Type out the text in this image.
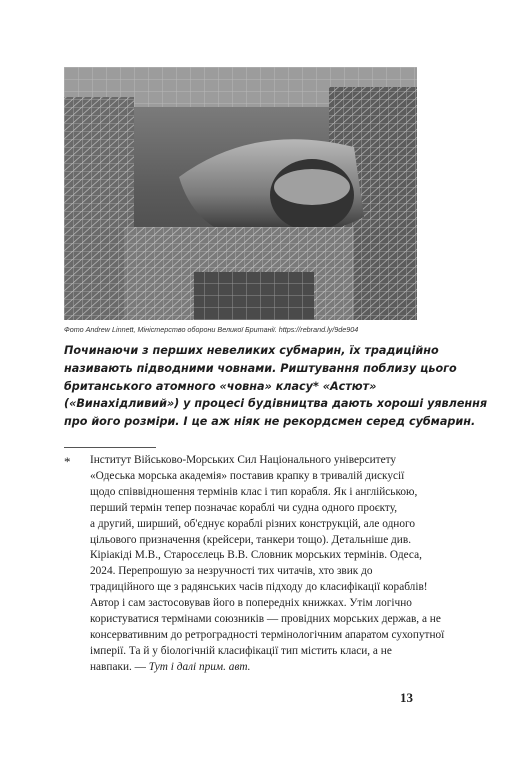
Фото Andrew Linnett, Міністерство оборони Великої Британії. https://rebrand.ly/9de904
Починаючи з перших невеликих субмарин, їх традиційно
називають підводними човнами. Риштування поблизу цього
британського атомного «човна» класу* «Астют»
(«Винахідливий») у процесі будівництва дають хороші уявлення
про його розміри. І це аж ніяк не рекордсмен серед субмарин.
* Інститут Військово-Морських Сил Національного університету
«Одеська морська академія» поставив крапку в тривалій дискусії
щодо співвідношення термінів клас і тип корабля. Як і англійською,
перший термін тепер позначає кораблі чи судна одного проєкту,
а другий, ширший, об'єднує кораблі різних конструкцій, але одного
цільового призначення (крейсери, танкери тощо). Детальніше див.
Кіріакіді М.В., Старосєлець В.В. Словник морських термінів. Одеса,
2024. Перепрошую за незручності тих читачів, хто звик до
традиційного ще з радянських часів підходу до класифікації кораблів!
Автор і сам застосовував його в попередніх книжках. Утім логічно
користуватися термінами союзників — провідних морських держав, а не
консервативним до ретроградності термінологічним апаратом сухопутної
імперії. Та й у біологічній класифікації тип містить класи, а не
навпаки. — Тут і далі прим. авт.
13
